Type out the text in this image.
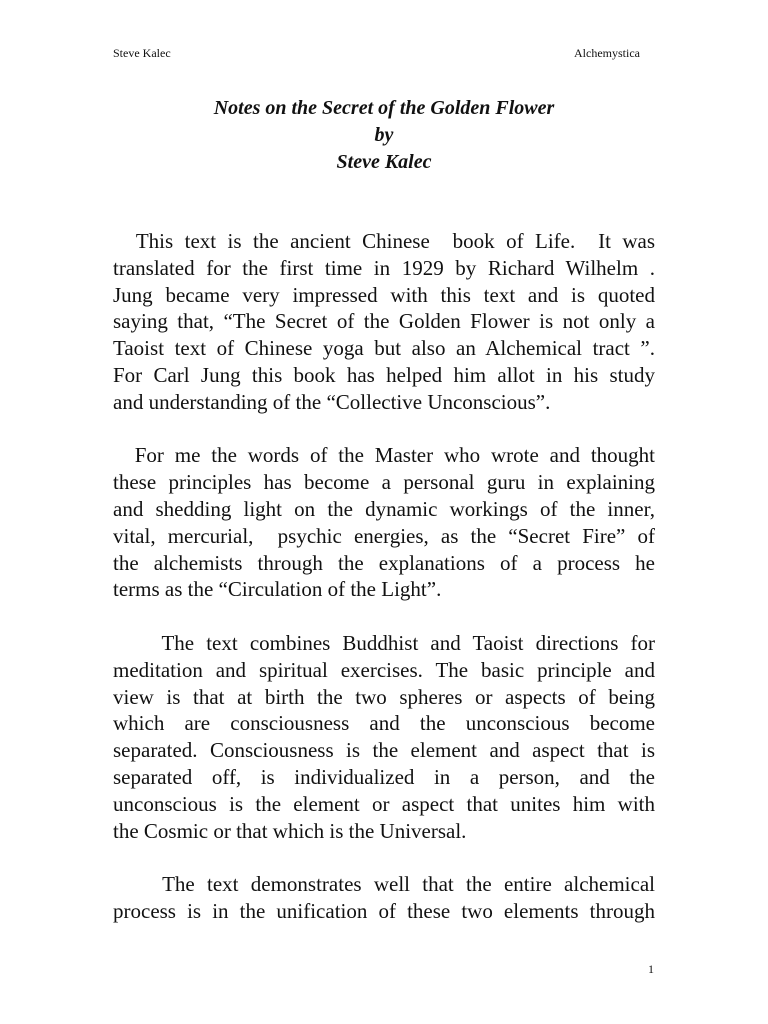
Steve Kalec	Alchemystica
Notes on the Secret of the Golden Flower
by
Steve Kalec
This text is the ancient Chinese  book of Life.  It was
translated for the first time in 1929 by Richard Wilhelm .
Jung became very impressed with this text and is quoted
saying that, “The Secret of the Golden Flower is not only a
Taoist text of Chinese yoga but also an Alchemical tract ”.
For Carl Jung this book has helped him allot in his study
and understanding of the “Collective Unconscious”.
For me the words of the Master who wrote and thought
these principles has become a personal guru in explaining
and shedding light on the dynamic workings of the inner,
vital, mercurial,  psychic energies, as the “Secret Fire” of
the alchemists through the explanations of a process he
terms as the “Circulation of the Light”.
The text combines Buddhist and Taoist directions for
meditation and spiritual exercises. The basic principle and
view is that at birth the two spheres or aspects of being
which are consciousness and the unconscious become
separated. Consciousness is the element and aspect that is
separated off, is individualized in a person, and the
unconscious is the element or aspect that unites him with
the Cosmic or that which is the Universal.
The text demonstrates well that the entire alchemical
process is in the unification of these two elements through
1
